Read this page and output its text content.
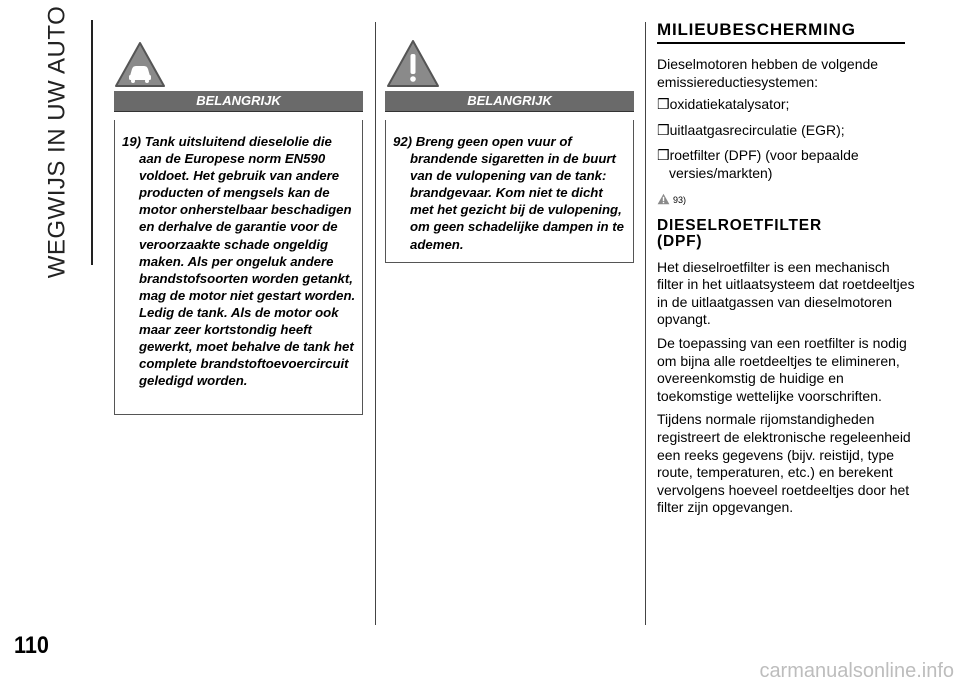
WEGWIJS IN UW AUTO	BELANGRIJK

19) Tank uitsluitend dieselolie die aan de Europese norm EN590 voldoet. Het gebruik van andere producten of mengsels kan de motor onherstelbaar beschadigen en derhalve de garantie voor de veroorzaakte schade ongeldig maken. Als per ongeluk andere brandstofsoorten worden getankt, mag de motor niet gestart worden. Ledig de tank. Als de motor ook maar zeer kortstondig heeft gewerkt, moet behalve de tank het complete brandstoftoevoercircuit geledigd worden.

BELANGRIJK

92) Breng geen open vuur of brandende sigaretten in de buurt van de vulopening van de tank: brandgevaar. Kom niet te dicht met het gezicht bij de vulopening, om geen schadelijke dampen in te ademen.

MILIEUBESCHERMING

Dieselmotoren hebben de volgende emissiereductiesystemen:

❒oxidatiekatalysator;

❒uitlaatgasrecirculatie (EGR);

❒roetfilter (DPF) (voor bepaalde versies/markten)

93)
DIESELROETFILTER (DPF)

Het dieselroetfilter is een mechanisch filter in het uitlaatsysteem dat roetdeeltjes in de uitlaatgassen van dieselmotoren opvangt.

De toepassing van een roetfilter is nodig om bijna alle roetdeeltjes te elimineren, overeenkomstig de huidige en toekomstige wettelijke voorschriften.

Tijdens normale rijomstandigheden registreert de elektronische regeleenheid een reeks gegevens (bijv. reistijd, type route, temperaturen, etc.) en berekent vervolgens hoeveel roetdeeltjes door het filter zijn opgevangen.

110
carmanualsonline.info
